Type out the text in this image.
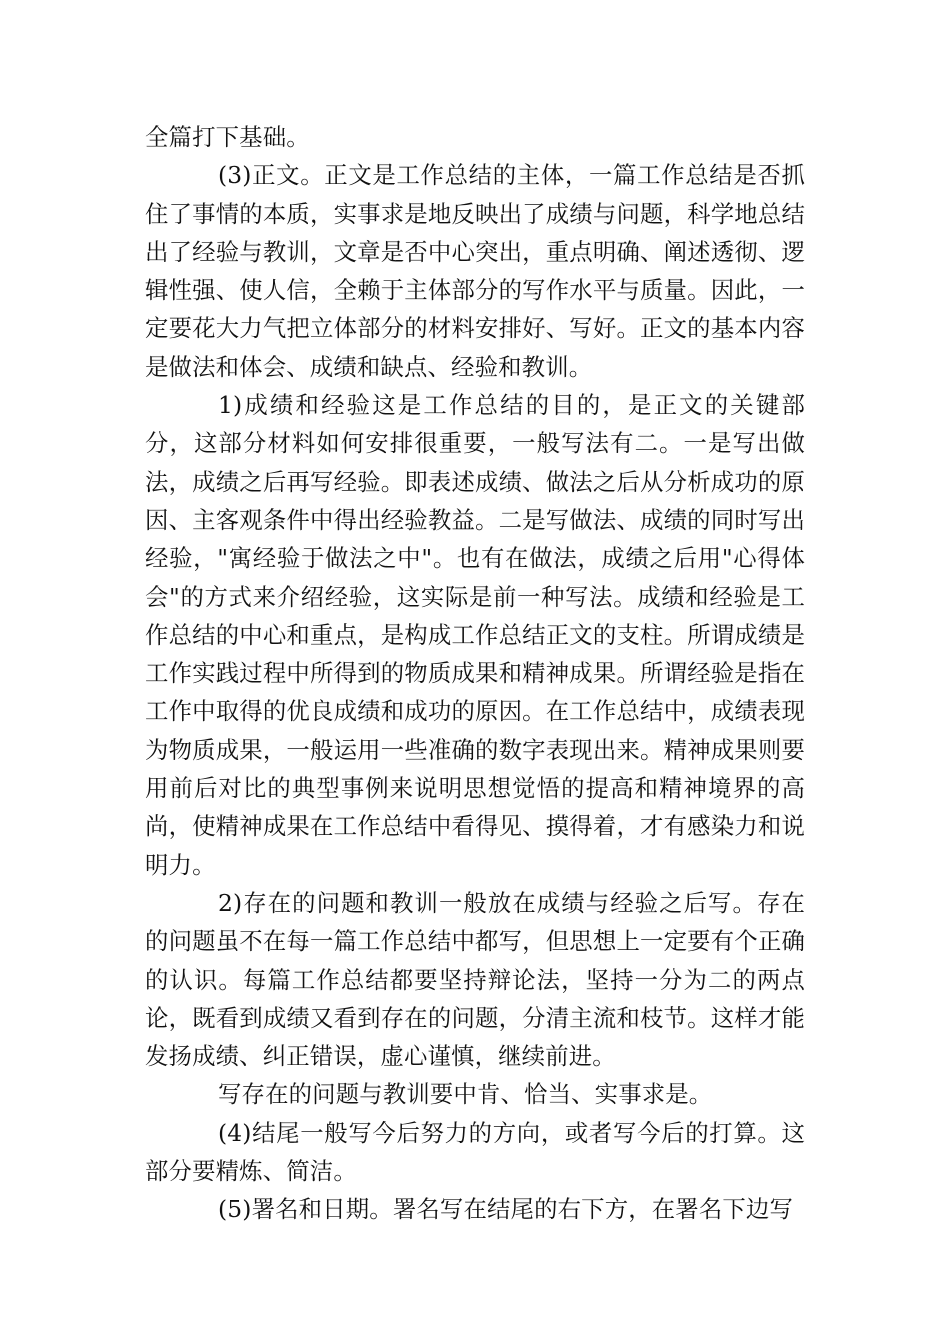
全篇打下基础。

(3)正文。正文是工作总结的主体，一篇工作总结是否抓住了事情的本质，实事求是地反映出了成绩与问题，科学地总结出了经验与教训，文章是否中心突出，重点明确、阐述透彻、逻辑性强、使人信，全赖于主体部分的写作水平与质量。因此，一定要花大力气把立体部分的材料安排好、写好。正文的基本内容是做法和体会、成绩和缺点、经验和教训。

1)成绩和经验这是工作总结的目的，是正文的关键部分，这部分材料如何安排很重要，一般写法有二。一是写出做法，成绩之后再写经验。即表述成绩、做法之后从分析成功的原因、主客观条件中得出经验教益。二是写做法、成绩的同时写出经验，"寓经验于做法之中"。也有在做法，成绩之后用"心得体会"的方式来介绍经验，这实际是前一种写法。成绩和经验是工作总结的中心和重点，是构成工作总结正文的支柱。所谓成绩是工作实践过程中所得到的物质成果和精神成果。所谓经验是指在工作中取得的优良成绩和成功的原因。在工作总结中，成绩表现为物质成果，一般运用一些准确的数字表现出来。精神成果则要用前后对比的典型事例来说明思想觉悟的提高和精神境界的高尚，使精神成果在工作总结中看得见、摸得着，才有感染力和说明力。

2)存在的问题和教训一般放在成绩与经验之后写。存在的问题虽不在每一篇工作总结中都写，但思想上一定要有个正确的认识。每篇工作总结都要坚持辩论法，坚持一分为二的两点论，既看到成绩又看到存在的问题，分清主流和枝节。这样才能发扬成绩、纠正错误，虚心谨慎，继续前进。

写存在的问题与教训要中肯、恰当、实事求是。

(4)结尾一般写今后努力的方向，或者写今后的打算。这部分要精炼、简洁。

(5)署名和日期。署名写在结尾的右下方，在署名下边写
